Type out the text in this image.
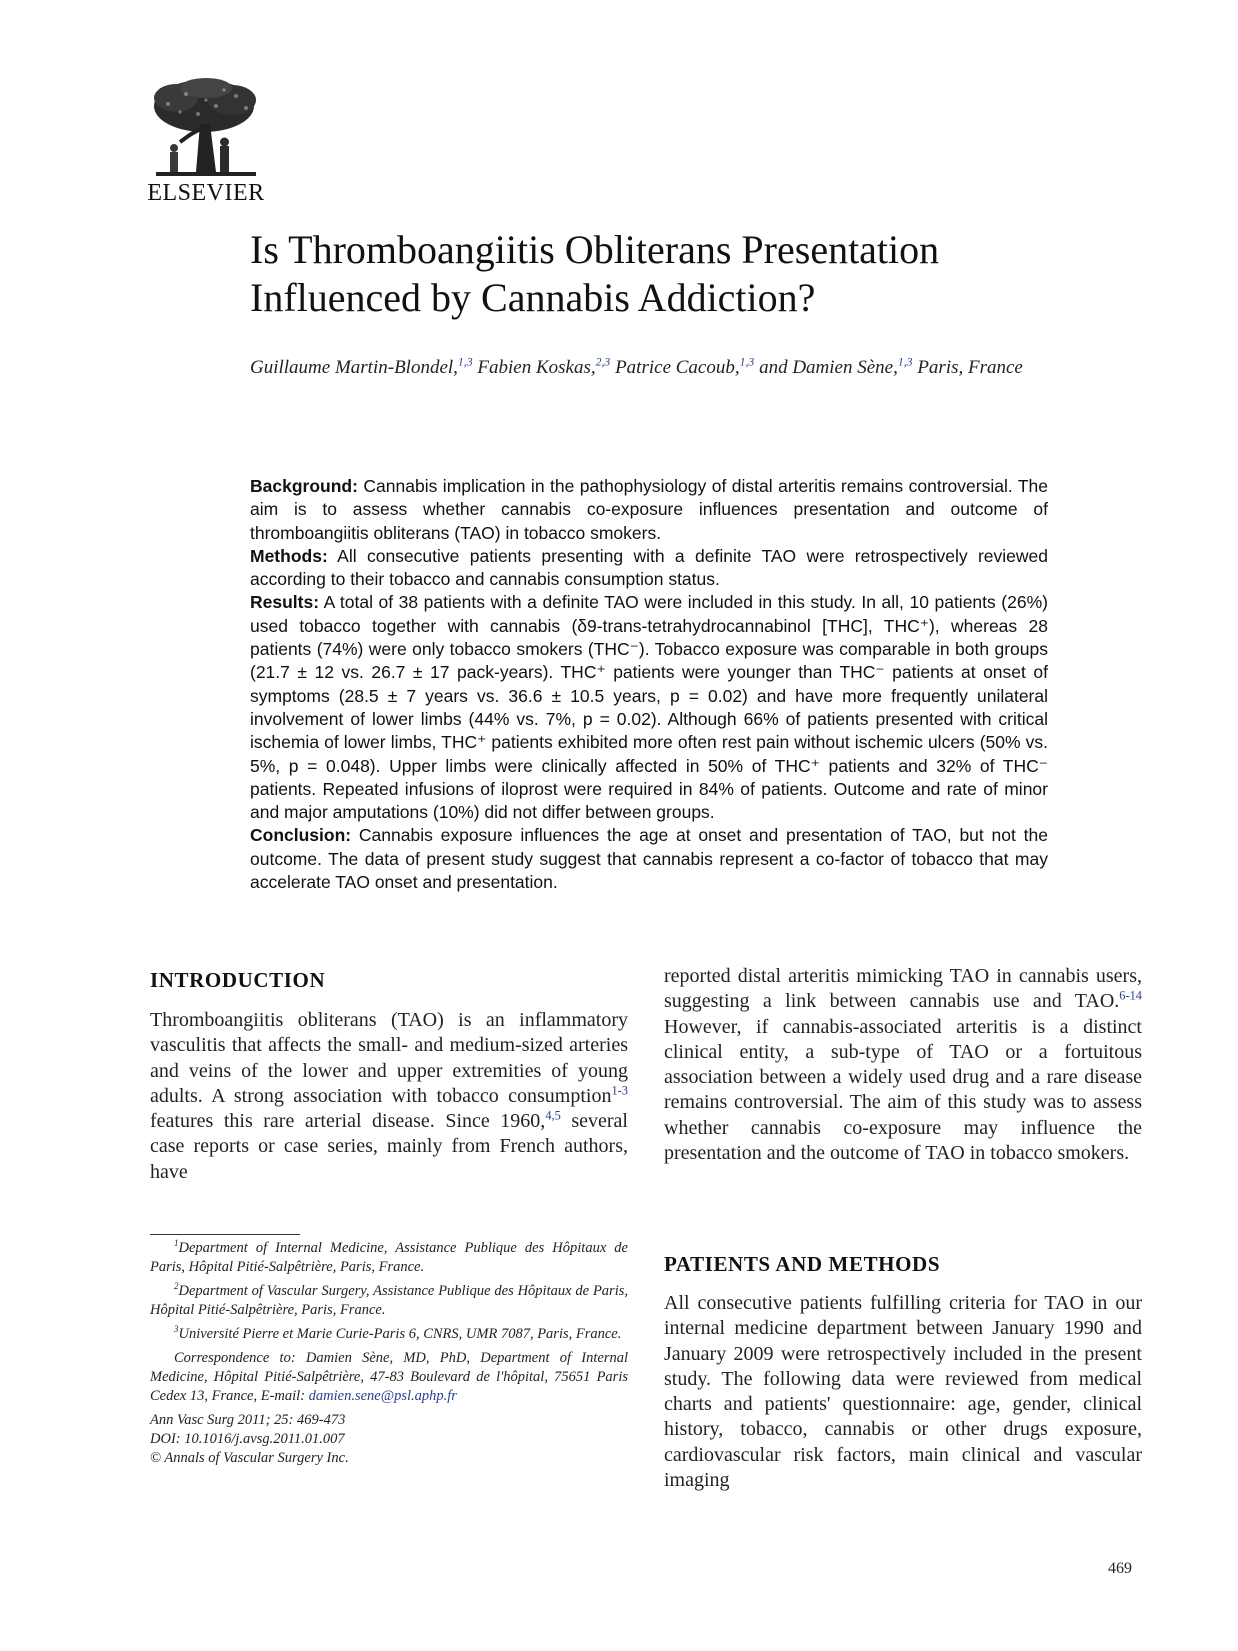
ELSEVIER
Is Thromboangiitis Obliterans Presentation
Influenced by Cannabis Addiction?
Guillaume Martin-Blondel,$^{1,3}$ Fabien Koskas,$^{2,3}$ Patrice Cacoub,$^{1,3}$ and Damien Sène,$^{1,3}$ Paris, France

Background: Cannabis implication in the pathophysiology of distal arteritis remains controversial. The aim is to assess whether cannabis co-exposure influences presentation and outcome of thromboangiitis obliterans (TAO) in tobacco smokers.

Methods: All consecutive patients presenting with a definite TAO were retrospectively reviewed according to their tobacco and cannabis consumption status.

Results: A total of 38 patients with a definite TAO were included in this study. In all, 10 patients (26%) used tobacco together with cannabis (δ9-trans-tetrahydrocannabinol [THC], THC⁺), whereas 28 patients (74%) were only tobacco smokers (THC⁻). Tobacco exposure was comparable in both groups (21.7 ± 12 vs. 26.7 ± 17 pack-years). THC⁺ patients were younger than THC⁻ patients at onset of symptoms (28.5 ± 7 years vs. 36.6 ± 10.5 years, p = 0.02) and have more frequently unilateral involvement of lower limbs (44% vs. 7%, p = 0.02). Although 66% of patients presented with critical ischemia of lower limbs, THC⁺ patients exhibited more often rest pain without ischemic ulcers (50% vs. 5%, p = 0.048). Upper limbs were clinically affected in 50% of THC⁺ patients and 32% of THC⁻ patients. Repeated infusions of iloprost were required in 84% of patients. Outcome and rate of minor and major amputations (10%) did not differ between groups.

Conclusion: Cannabis exposure influences the age at onset and presentation of TAO, but not the outcome. The data of present study suggest that cannabis represent a co-factor of tobacco that may accelerate TAO onset and presentation.

INTRODUCTION

Thromboangiitis obliterans (TAO) is an inflammatory vasculitis that affects the small- and medium-sized arteries and veins of the lower and upper extremities of young adults. A strong association with tobacco consumption$^{1-3}$ features this rare arterial disease. Since 1960,$^{4,5}$ several case reports or case series, mainly from French authors, have

reported distal arteritis mimicking TAO in cannabis users, suggesting a link between cannabis use and TAO.$^{6-14}$ However, if cannabis-associated arteritis is a distinct clinical entity, a sub-type of TAO or a fortuitous association between a widely used drug and a rare disease remains controversial. The aim of this study was to assess whether cannabis co-exposure may influence the presentation and the outcome of TAO in tobacco smokers.

PATIENTS AND METHODS

All consecutive patients fulfilling criteria for TAO in our internal medicine department between January 1990 and January 2009 were retrospectively included in the present study. The following data were reviewed from medical charts and patients' questionnaire: age, gender, clinical history, tobacco, cannabis or other drugs exposure, cardiovascular risk factors, main clinical and vascular imaging

$^1$Department of Internal Medicine, Assistance Publique des Hôpitaux de Paris, Hôpital Pitié-Salpêtrière, Paris, France.

$^2$Department of Vascular Surgery, Assistance Publique des Hôpitaux de Paris, Hôpital Pitié-Salpêtrière, Paris, France.

$^3$Université Pierre et Marie Curie-Paris 6, CNRS, UMR 7087, Paris, France.

Correspondence to: Damien Sène, MD, PhD, Department of Internal Medicine, Hôpital Pitié-Salpêtrière, 47-83 Boulevard de l'hôpital, 75651 Paris Cedex 13, France, E-mail: damien.sene@psl.aphp.fr

Ann Vasc Surg 2011; 25: 469-473

DOI: 10.1016/j.avsg.2011.01.007

© Annals of Vascular Surgery Inc.

469
